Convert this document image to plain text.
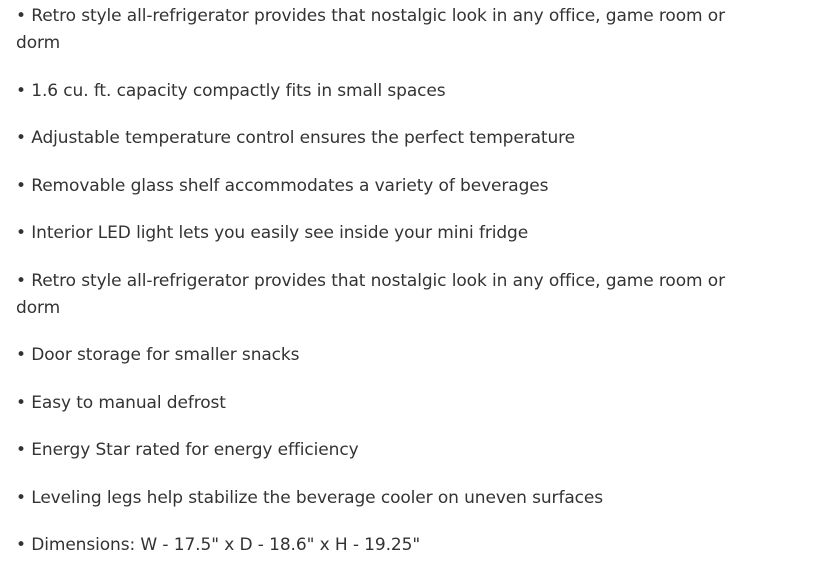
• Retro style all-refrigerator provides that nostalgic look in any office, game room or dorm

• 1.6 cu. ft. capacity compactly fits in small spaces

• Adjustable temperature control ensures the perfect temperature

• Removable glass shelf accommodates a variety of beverages

• Interior LED light lets you easily see inside your mini fridge

• Retro style all-refrigerator provides that nostalgic look in any office, game room or dorm

• Door storage for smaller snacks

• Easy to manual defrost

• Energy Star rated for energy efficiency

• Leveling legs help stabilize the beverage cooler on uneven surfaces

• Dimensions: W - 17.5" x D - 18.6" x H - 19.25"
